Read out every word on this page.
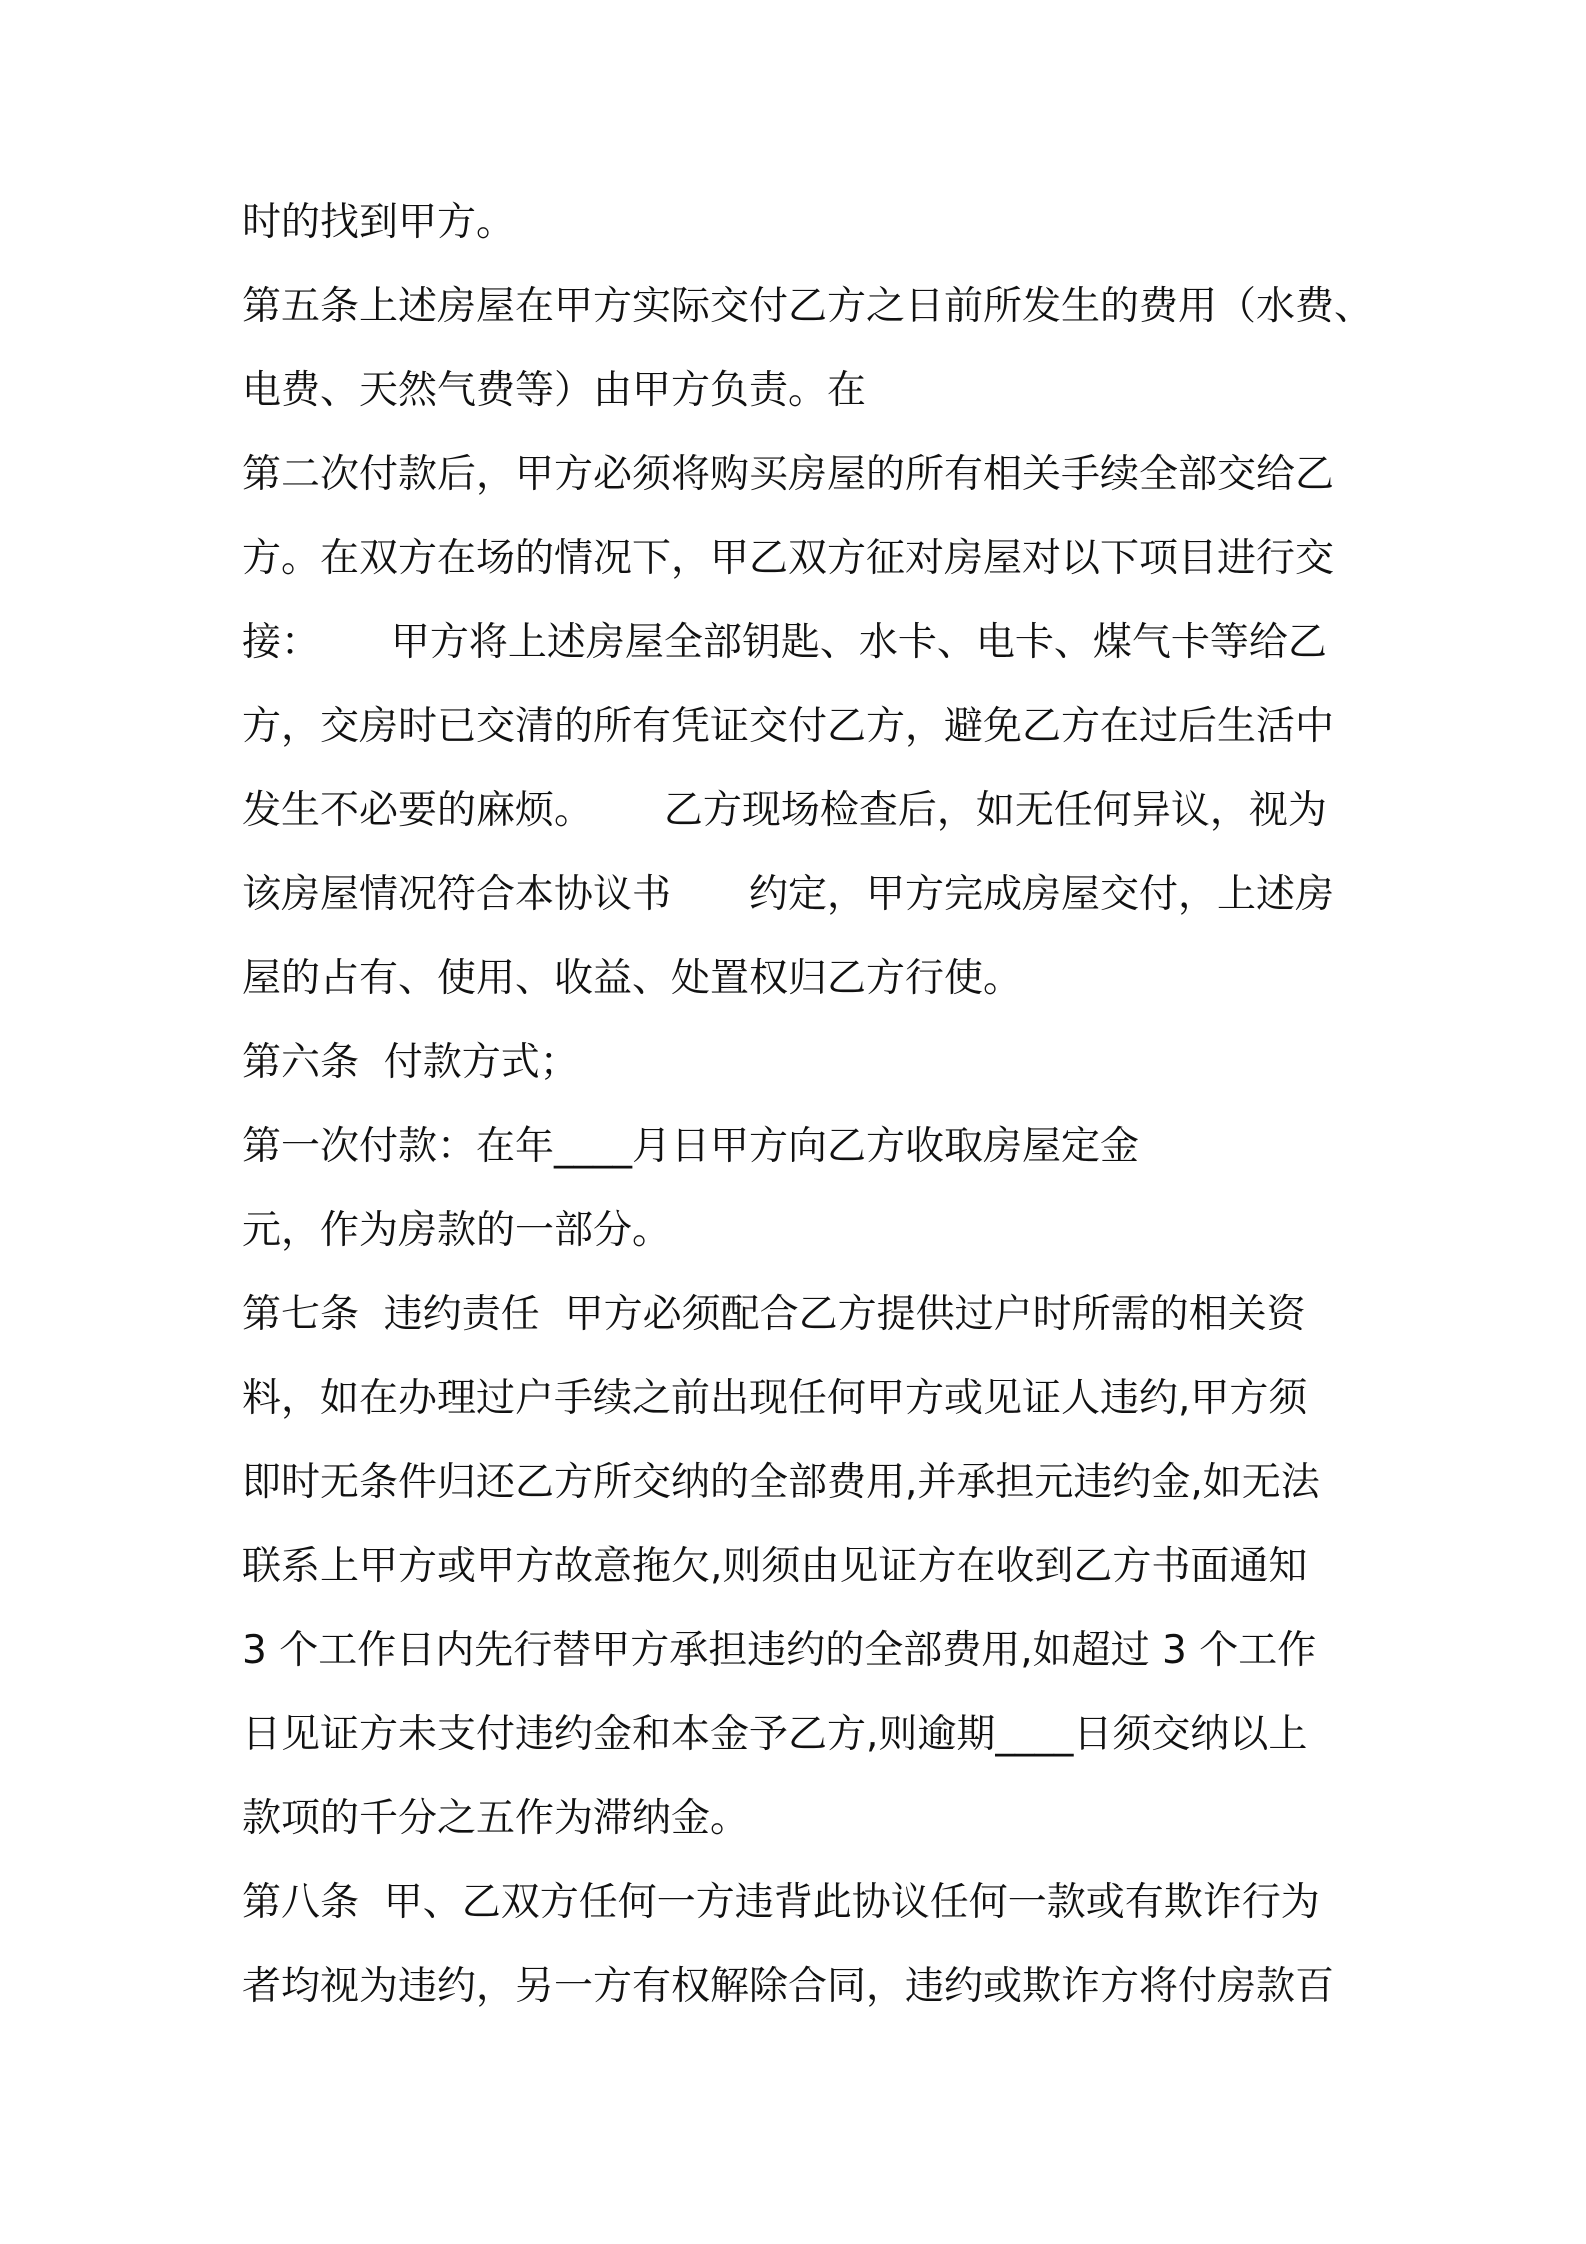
时的找到甲方。

第五条上述房屋在甲方实际交付乙方之日前所发生的费用（水费、

电费、天然气费等）由甲方负责。在

第二次付款后，甲方必须将购买房屋的所有相关手续全部交给乙

方。在双方在场的情况下，甲乙双方征对房屋对以下项目进行交

接：　　 甲方将上述房屋全部钥匙、水卡、电卡、煤气卡等给乙

方，交房时已交清的所有凭证交付乙方，避免乙方在过后生活中

发生不必要的麻烦。　　 乙方现场检查后，如无任何异议，视为

该房屋情况符合本协议书　　约定，甲方完成房屋交付，上述房

屋的占有、使用、收益、处置权归乙方行使。

第六条  付款方式；

第一次付款：在年____月日甲方向乙方收取房屋定金

元，作为房款的一部分。

第七条  违约责任  甲方必须配合乙方提供过户时所需的相关资

料，如在办理过户手续之前出现任何甲方或见证人违约,甲方须

即时无条件归还乙方所交纳的全部费用,并承担元违约金,如无法

联系上甲方或甲方故意拖欠,则须由见证方在收到乙方书面通知

3 个工作日内先行替甲方承担违约的全部费用,如超过 3 个工作

日见证方未支付违约金和本金予乙方,则逾期____日须交纳以上

款项的千分之五作为滞纳金。

第八条  甲、乙双方任何一方违背此协议任何一款或有欺诈行为

者均视为违约，另一方有权解除合同，违约或欺诈方将付房款百
